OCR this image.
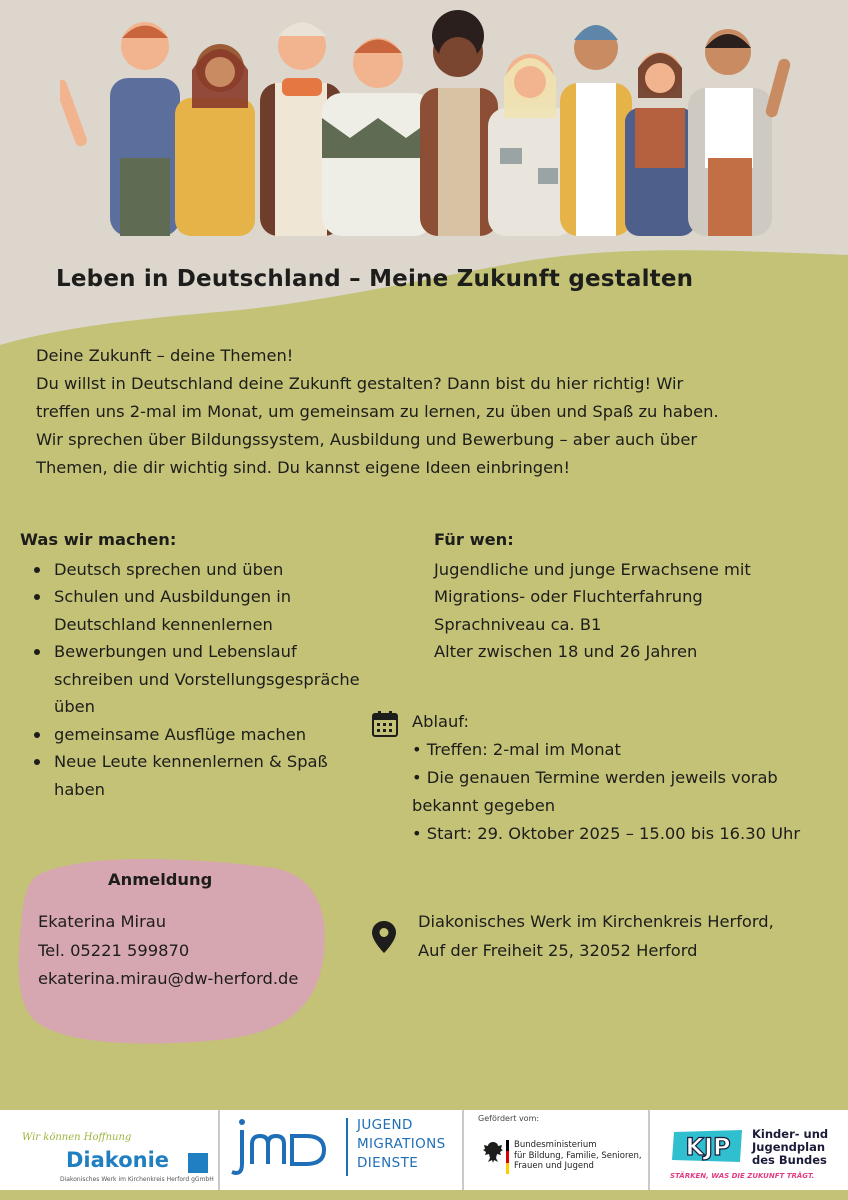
Leben in Deutschland – Meine Zukunft gestalten

Deine Zukunft – deine Themen!

Du willst in Deutschland deine Zukunft gestalten? Dann bist du hier richtig! Wir

treffen uns 2-mal im Monat, um gemeinsam zu lernen, zu üben und Spaß zu haben.

Wir sprechen über Bildungssystem, Ausbildung und Bewerbung – aber auch über

Themen, die dir wichtig sind. Du kannst eigene Ideen einbringen!

Was wir machen:
Deutsch sprechen und üben
Schulen und Ausbildungen in Deutschland kennenlernen
Bewerbungen und Lebenslauf schreiben und Vorstellungsgespräche üben
gemeinsame Ausflüge machen
Neue Leute kennenlernen & Spaß haben
Für wen:
Jugendliche und junge Erwachsene mit
Migrations- oder Fluchterfahrung
Sprachniveau ca. B1
Alter zwischen 18 und 26 Jahren
Ablauf:
• Treffen: 2-mal im Monat
• Die genauen Termine werden jeweils vorab
bekannt gegeben
• Start: 29. Oktober 2025 – 15.00 bis 16.30 Uhr
Anmeldung
Ekaterina Mirau
Tel. 05221 599870
ekaterina.mirau@dw-herford.de
Diakonisches Werk im Kirchenkreis Herford,
Auf der Freiheit 25, 32052 Herford
Wir können Hoffnung
Diakonie
Diakonisches Werk im Kirchenkreis Herford gGmbH
JUGEND
MIGRATIONS
DIENSTE
Gefördert vom:
Bundesministerium
für Bildung, Familie, Senioren,
Frauen und Jugend
KJP Kinder- und
Jugendplan
des Bundes
STÄRKEN, WAS DIE ZUKUNFT TRÄGT.
